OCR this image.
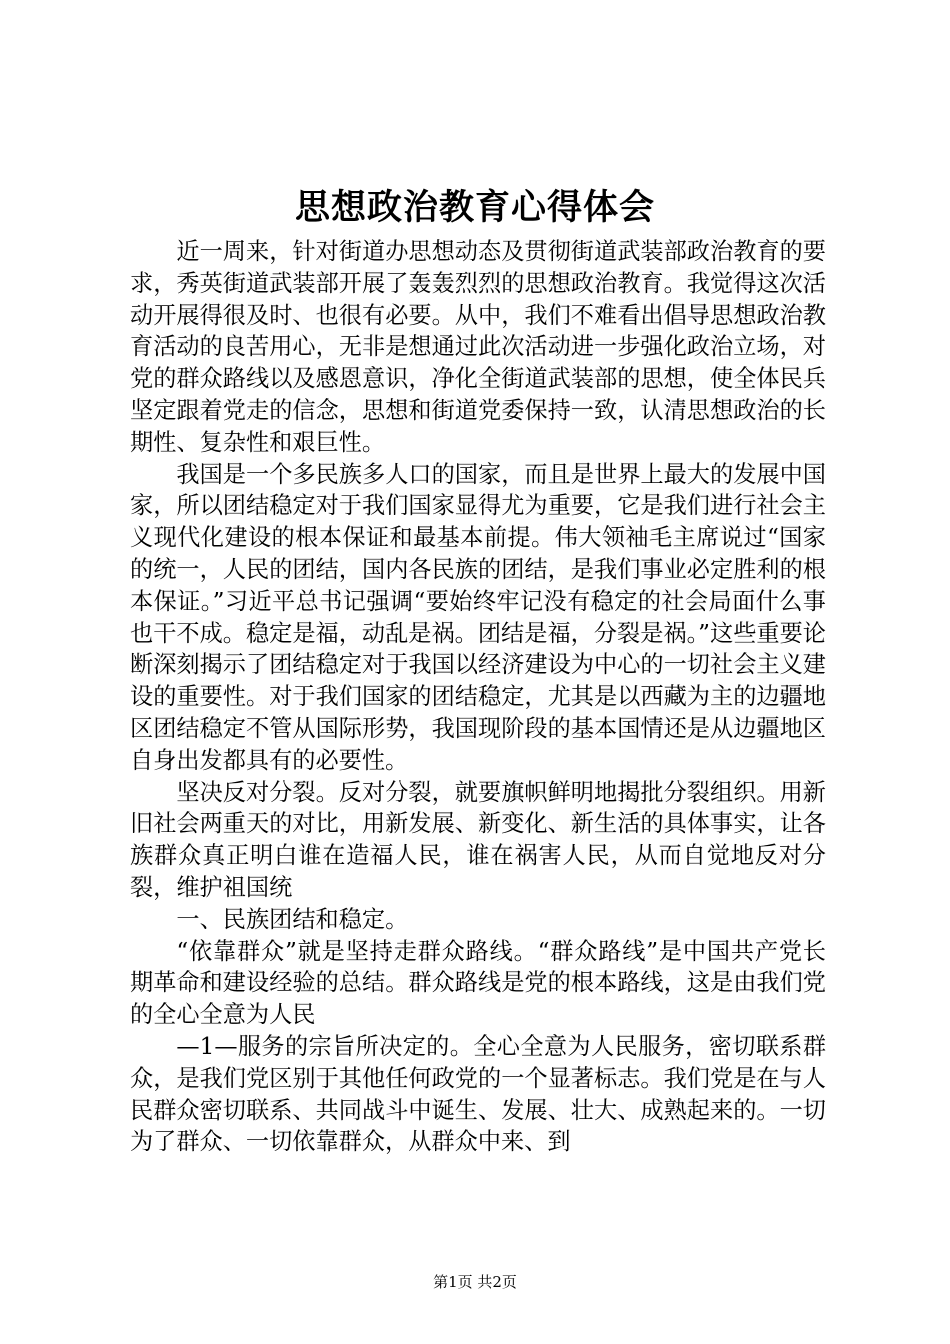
思想政治教育心得体会

近一周来，针对街道办思想动态及贯彻街道武装部政治教育的要求，秀英街道武装部开展了轰轰烈烈的思想政治教育。我觉得这次活动开展得很及时、也很有必要。从中，我们不难看出倡导思想政治教育活动的良苦用心，无非是想通过此次活动进一步强化政治立场，对党的群众路线以及感恩意识，净化全街道武装部的思想，使全体民兵坚定跟着党走的信念，思想和街道党委保持一致，认清思想政治的长期性、复杂性和艰巨性。

我国是一个多民族多人口的国家，而且是世界上最大的发展中国家，所以团结稳定对于我们国家显得尤为重要，它是我们进行社会主义现代化建设的根本保证和最基本前提。伟大领袖毛主席说过“国家的统一，人民的团结，国内各民族的团结，是我们事业必定胜利的根本保证。”习近平总书记强调“要始终牢记没有稳定的社会局面什么事也干不成。稳定是福，动乱是祸。团结是福，分裂是祸。”这些重要论断深刻揭示了团结稳定对于我国以经济建设为中心的一切社会主义建设的重要性。对于我们国家的团结稳定，尤其是以西藏为主的边疆地区团结稳定不管从国际形势，我国现阶段的基本国情还是从边疆地区自身出发都具有的必要性。

坚决反对分裂。反对分裂，就要旗帜鲜明地揭批分裂组织。用新旧社会两重天的对比，用新发展、新变化、新生活的具体事实，让各族群众真正明白谁在造福人民，谁在祸害人民，从而自觉地反对分裂，维护祖国统

一、民族团结和稳定。

“依靠群众”就是坚持走群众路线。“群众路线”是中国共产党长期革命和建设经验的总结。群众路线是党的根本路线，这是由我们党的全心全意为人民

—1—服务的宗旨所决定的。全心全意为人民服务，密切联系群众，是我们党区别于其他任何政党的一个显著标志。我们党是在与人民群众密切联系、共同战斗中诞生、发展、壮大、成熟起来的。一切为了群众、一切依靠群众，从群众中来、到

第1页 共2页
